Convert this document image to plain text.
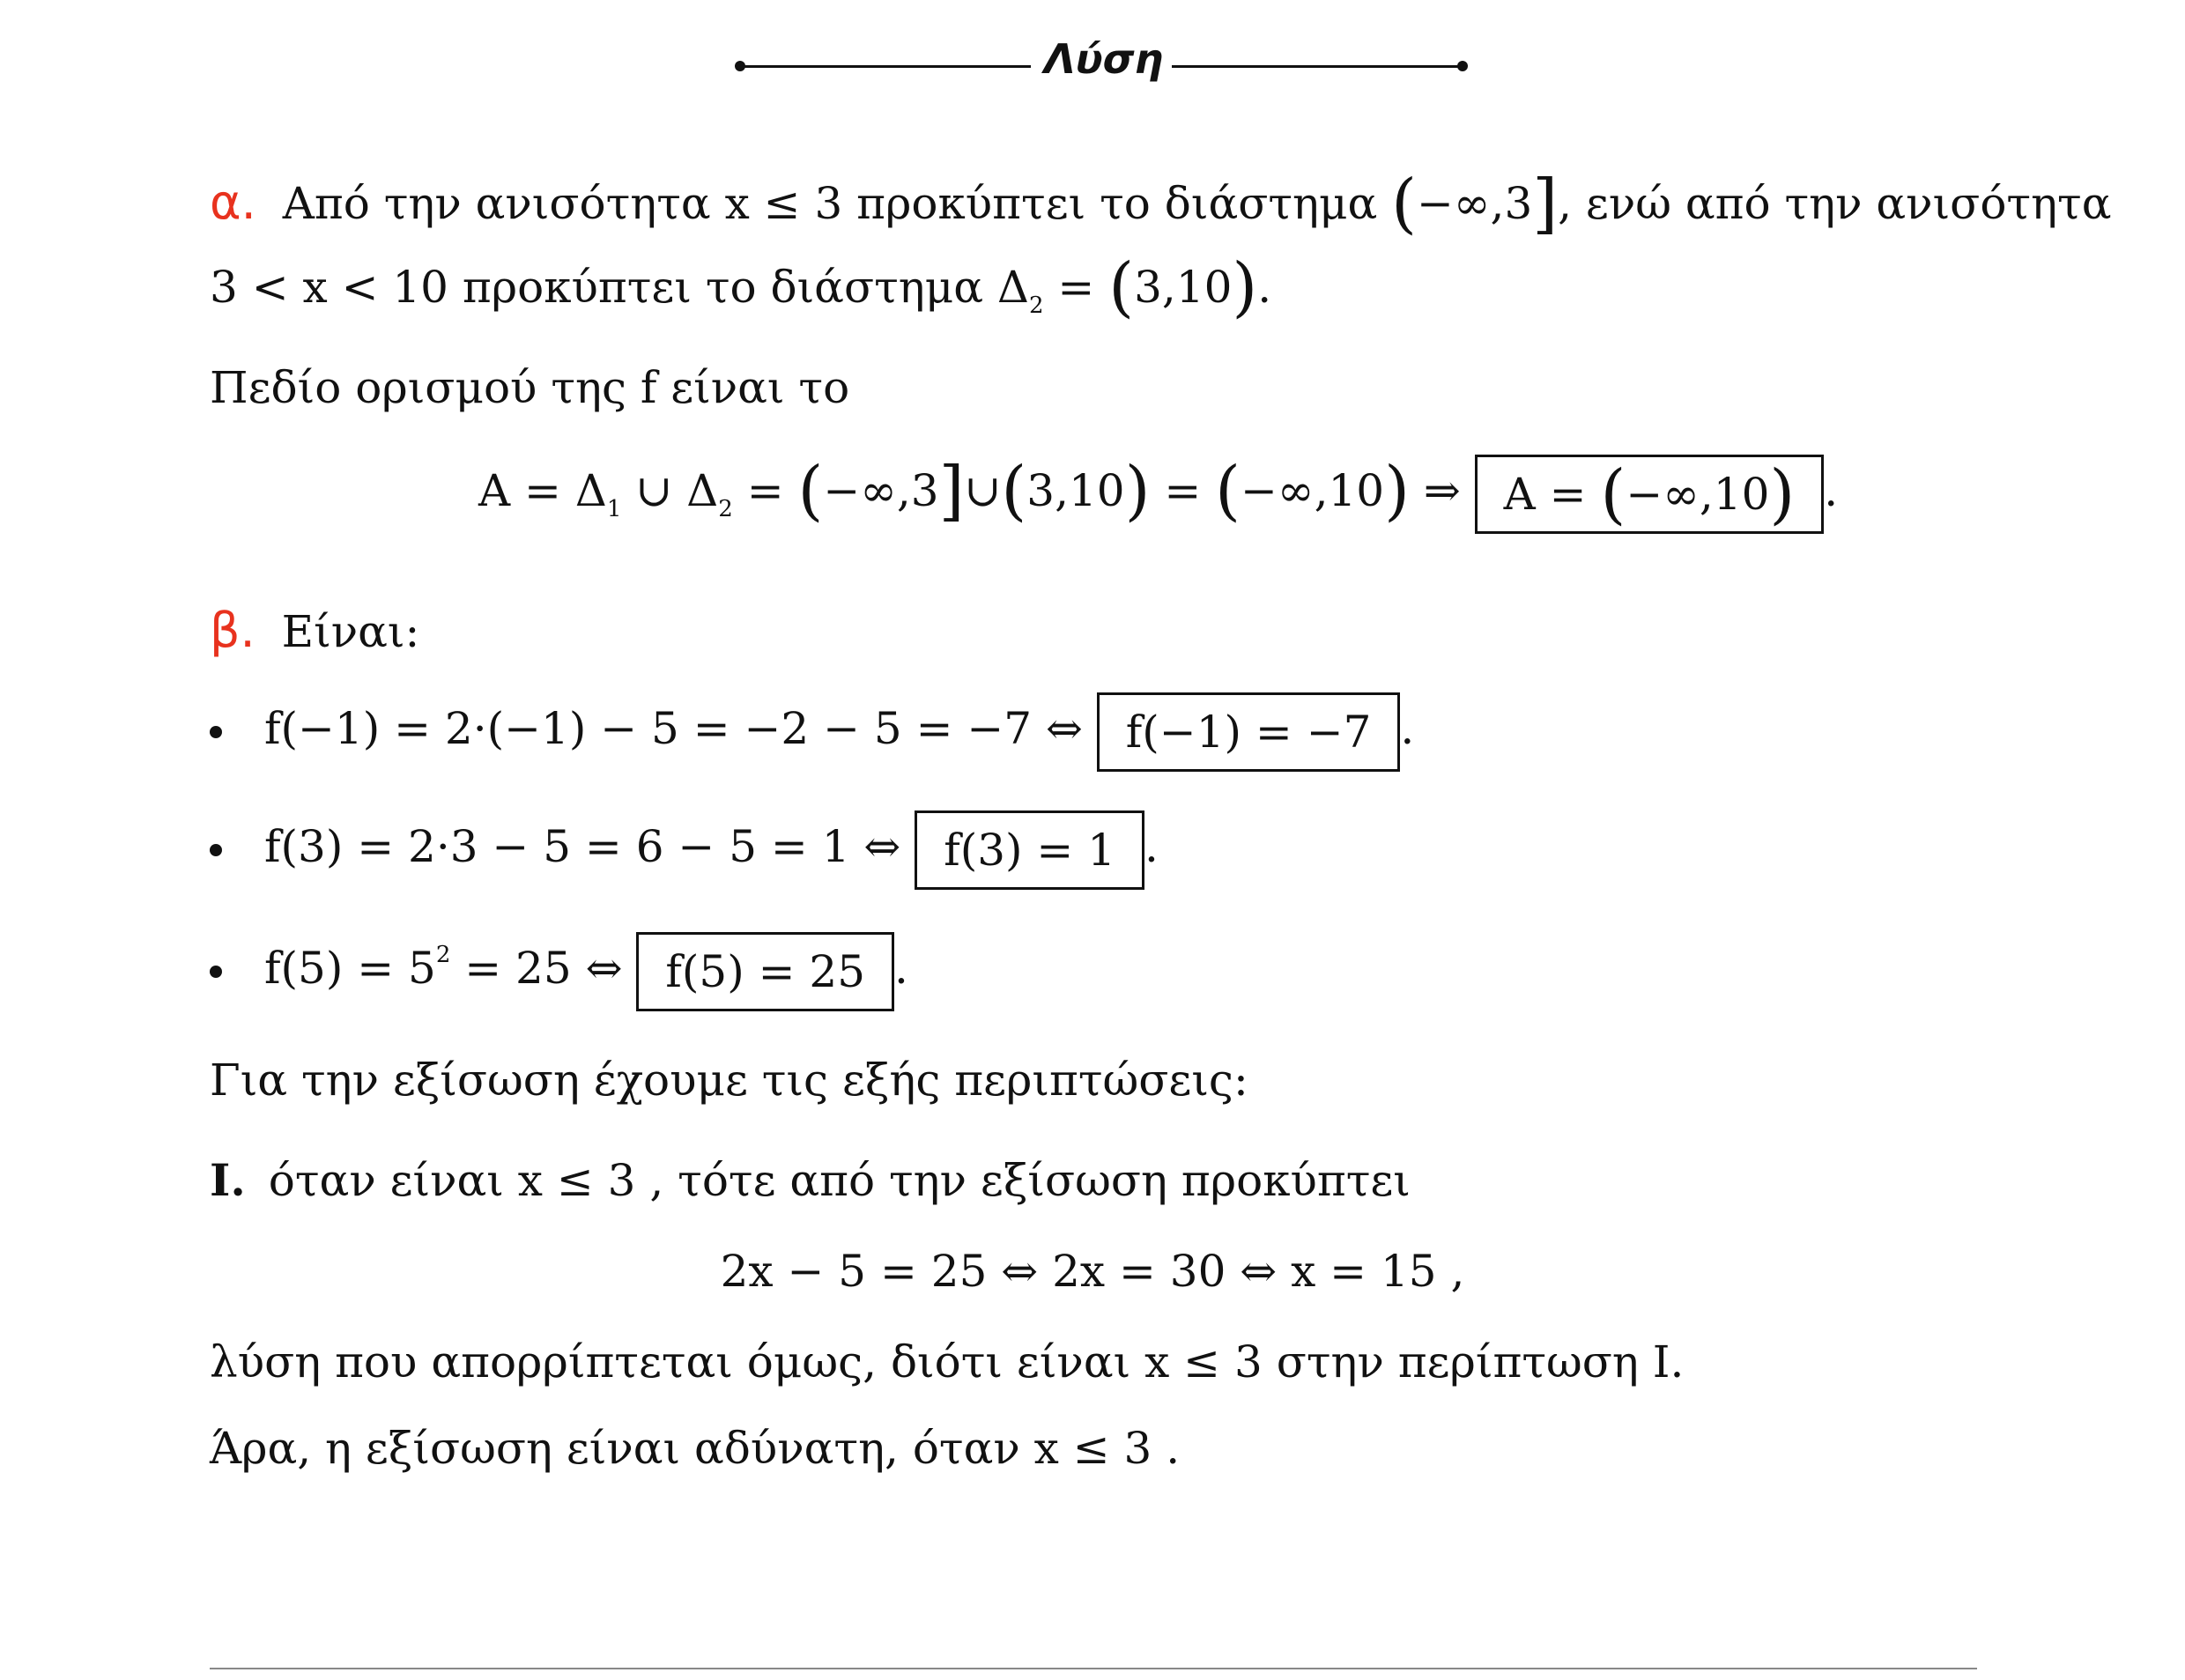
Λύση
α. Από την ανισότητα x ≤ 3 προκύπτει το διάστημα (−∞,3], ενώ από την ανισότητα
3 < x < 10 προκύπτει το διάστημα $\Delta_2 = (3,10)$.
Πεδίο ορισμού της f είναι το
$A = \Delta_1$ ∪ $\Delta_2$ = (−∞,3]∪(3,10) = (−∞,10) ⇒ A = (−∞,10) .
β. Είναι:
f(−1) = 2·(−1) − 5 = −2 − 5 = −7 ⇔ f(−1) = −7 .
f(3) = 2·3 − 5 = 6 − 5 = 1 ⇔ f(3) = 1 .
$f(5) = 5^2 = 25$ ⇔ f(5) = 25 .
Για την εξίσωση έχουμε τις εξής περιπτώσεις:
I. όταν είναι x ≤ 3 , τότε από την εξίσωση προκύπτει
2x − 5 = 25 ⇔ 2x = 30 ⇔ x = 15 ,
λύση που απορρίπτεται όμως, διότι είναι x ≤ 3 στην περίπτωση I.
Άρα, η εξίσωση είναι αδύνατη, όταν x ≤ 3 .
